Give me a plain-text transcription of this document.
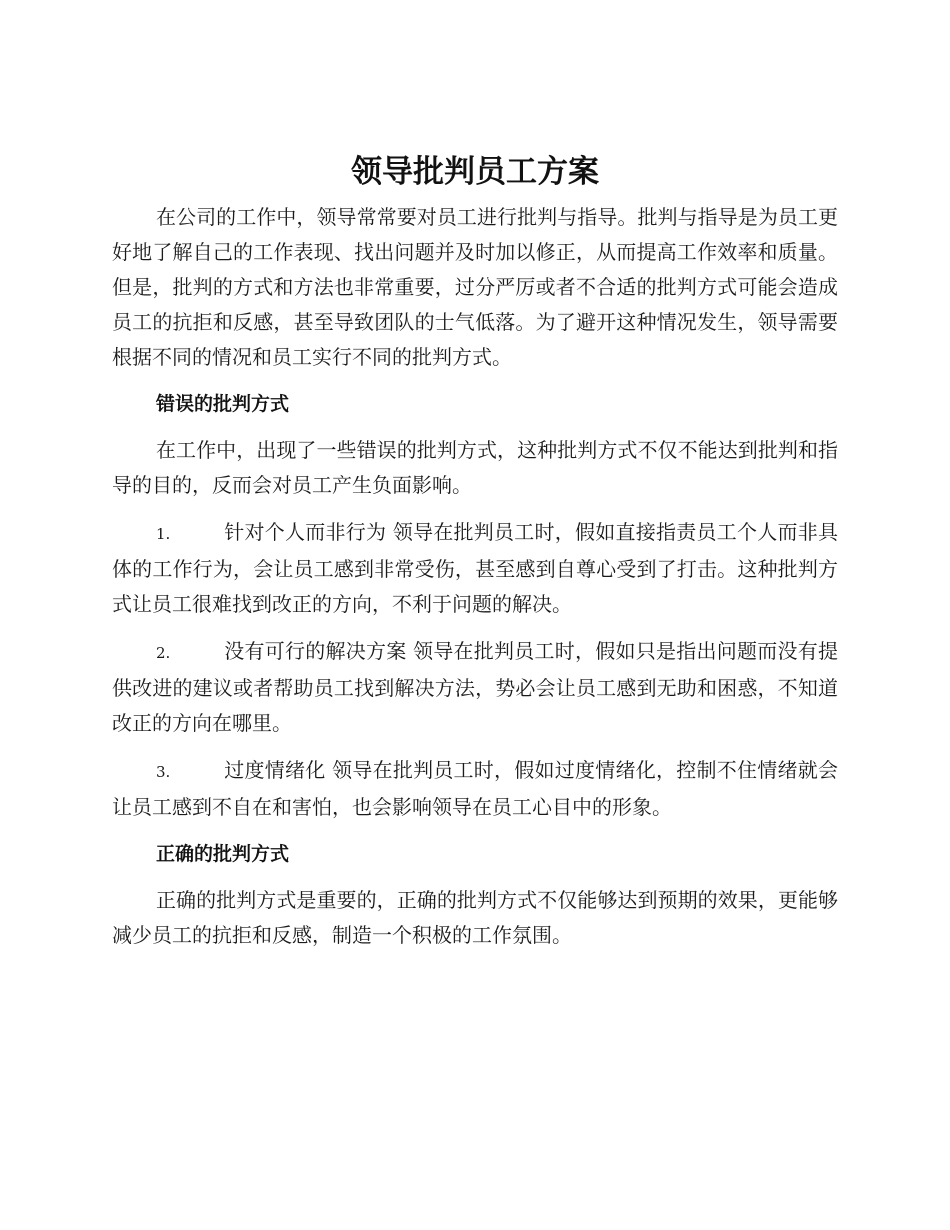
领导批判员工方案

在公司的工作中，领导常常要对员工进行批判与指导。批判与指导是为员工更好地了解自己的工作表现、找出问题并及时加以修正，从而提高工作效率和质量。但是，批判的方式和方法也非常重要，过分严厉或者不合适的批判方式可能会造成员工的抗拒和反感，甚至导致团队的士气低落。为了避开这种情况发生，领导需要根据不同的情况和员工实行不同的批判方式。

错误的批判方式

在工作中，出现了一些错误的批判方式，这种批判方式不仅不能达到批判和指导的目的，反而会对员工产生负面影响。

1.	针对个人而非行为 领导在批判员工时，假如直接指责员工个人而非具体的工作行为，会让员工感到非常受伤，甚至感到自尊心受到了打击。这种批判方式让员工很难找到改正的方向，不利于问题的解决。

2.	没有可行的解决方案 领导在批判员工时，假如只是指出问题而没有提供改进的建议或者帮助员工找到解决方法，势必会让员工感到无助和困惑，不知道改正的方向在哪里。

3.	过度情绪化 领导在批判员工时，假如过度情绪化，控制不住情绪就会让员工感到不自在和害怕，也会影响领导在员工心目中的形象。

正确的批判方式

正确的批判方式是重要的，正确的批判方式不仅能够达到预期的效果，更能够减少员工的抗拒和反感，制造一个积极的工作氛围。
